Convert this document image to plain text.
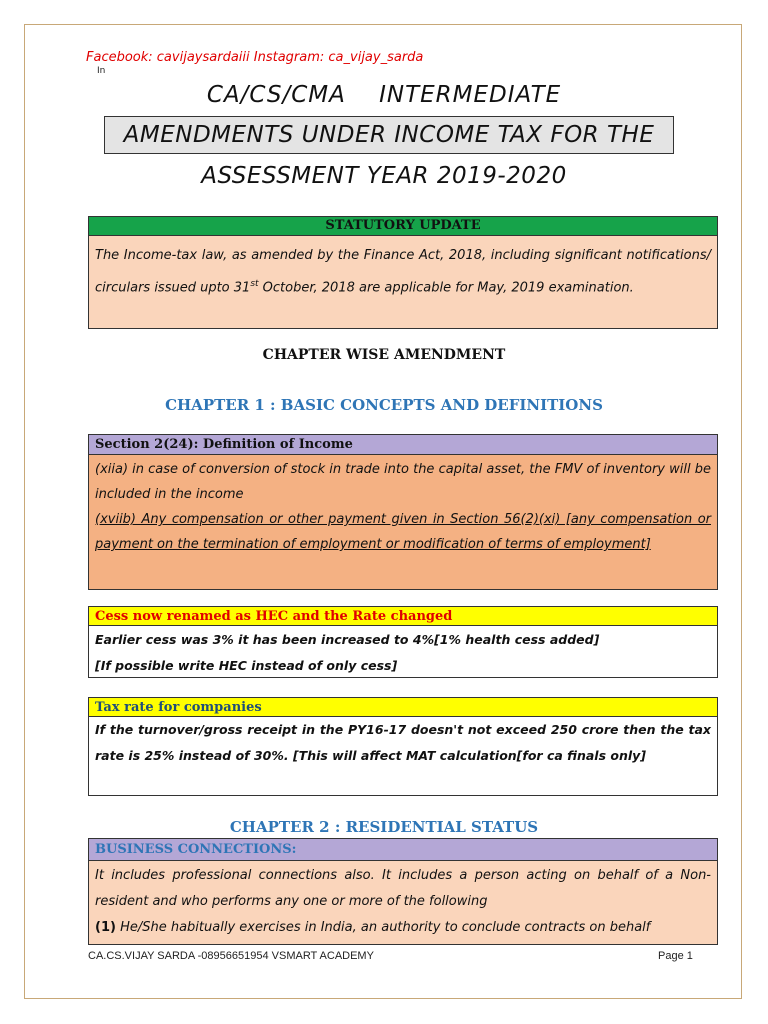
Facebook: cavijaysardaiii Instagram: ca_vijay_sarda
In
CA/CS/CMA    INTERMEDIATE
AMENDMENTS UNDER INCOME TAX FOR THE
ASSESSMENT YEAR 2019-2020
STATUTORY UPDATE
The Income-tax law, as amended by the Finance Act, 2018, including significant notifications/ circulars issued upto 31st October, 2018 are applicable for May, 2019 examination.
CHAPTER WISE AMENDMENT
CHAPTER 1 : BASIC CONCEPTS AND DEFINITIONS
Section 2(24): Definition of Income
(xiia) in case of conversion of stock in trade into the capital asset, the FMV of inventory will be included in the income
(xviib) Any compensation or other payment given in Section 56(2)(xi) [any compensation or payment on the termination of employment or modification of terms of employment]
Cess now renamed as HEC and the Rate changed
Earlier cess was 3% it has been increased to 4%[1% health cess added]
[If possible write HEC instead of only cess]
Tax rate for companies
If the turnover/gross receipt in the PY16-17 doesn't not exceed 250 crore then the tax rate is 25% instead of 30%. [This will affect MAT calculation[for ca finals only]
CHAPTER 2 : RESIDENTIAL STATUS
BUSINESS CONNECTIONS:
It includes professional connections also. It includes a person acting on behalf of a Non-resident and who performs any one or more of the following
(1) He/She habitually exercises in India, an authority to conclude contracts on behalf
CA.CS.VIJAY SARDA -08956651954 VSMART ACADEMY	Page 1
